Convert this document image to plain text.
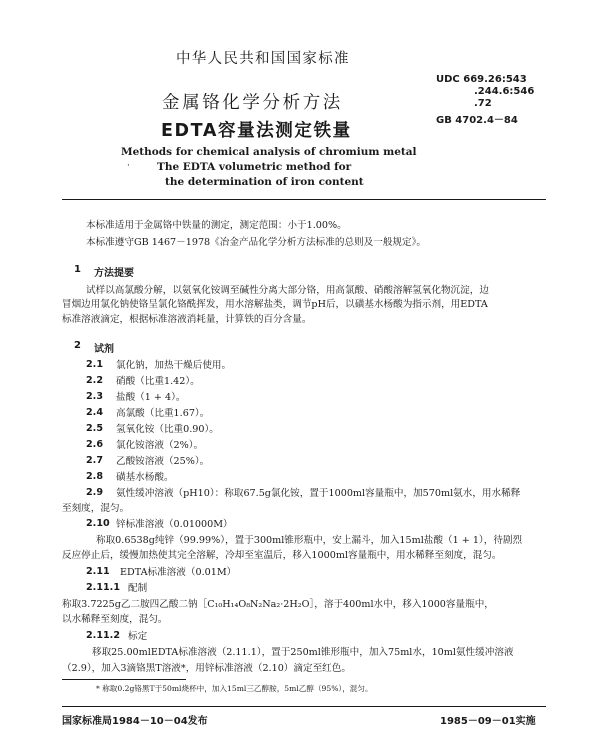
中华人民共和国国家标准
金属铬化学分析方法
EDTA容量法测定铁量
UDC 669.26:543
.244.6:546
.72
GB 4702.4－84
Methods for chemical analysis of chromium metal
·	The EDTA volumetric method for
the determination of iron content
本标准适用于金属铬中铁量的测定，测定范围：小于1.00%。
本标准遵守GB 1467－1978《冶金产品化学分析方法标准的总则及一般规定》。
1 方法提要
试样以高氯酸分解，以氨氧化铵调至碱性分离大部分铬，用高氯酸、硝酸溶解氢氧化物沉淀，边
冒烟边用氯化钠使铬呈氯化铬酰挥发，用水溶解盐类，调节pH后，以磺基水杨酸为指示剂，用EDTA
标准溶液滴定，根据标准溶液消耗量，计算铁的百分含量。
2 试剂
2.1 氯化钠，加热干燥后使用。
2.2 硝酸（比重1.42）。
2.3 盐酸（1 + 4）。
2.4 高氯酸（比重1.67）。
2.5 氢氧化铵（比重0.90）。
2.6 氯化铵溶液（2%）。
2.7 乙酸铵溶液（25%）。
2.8 磺基水杨酸。
2.9 氨性缓冲溶液（pH10）：称取67.5g氯化铵，置于1000ml容量瓶中，加570ml氨水，用水稀释
至刻度，混匀。
2.10 锌标准溶液（0.01000M）
称取0.6538g纯锌（99.99%），置于300ml锥形瓶中，安上漏斗，加入15ml盐酸（1 + 1），待剧烈
反应停止后，缓慢加热使其完全溶解，冷却至室温后，移入1000ml容量瓶中，用水稀释至刻度，混匀。
2.11 EDTA标准溶液（0.01M）
2.11.1 配制
称取3.7225g乙二胺四乙酸二钠［C₁₀H₁₄O₈N₂Na₂·2H₂O］，溶于400ml水中，移入1000容量瓶中，
以水稀释至刻度，混匀。
2.11.2 标定
移取25.00mlEDTA标准溶液（2.11.1），置于250ml锥形瓶中，加入75ml水，10ml氨性缓冲溶液
（2.9），加入3滴铬黑T溶液*，用锌标准溶液（2.10）滴定至红色。
* 称取0.2g铬黑T于50ml烧杯中，加入15ml三乙醇胺，5ml乙醇（95%），混匀。
国家标准局1984－10－04发布	1985－09－01实施
